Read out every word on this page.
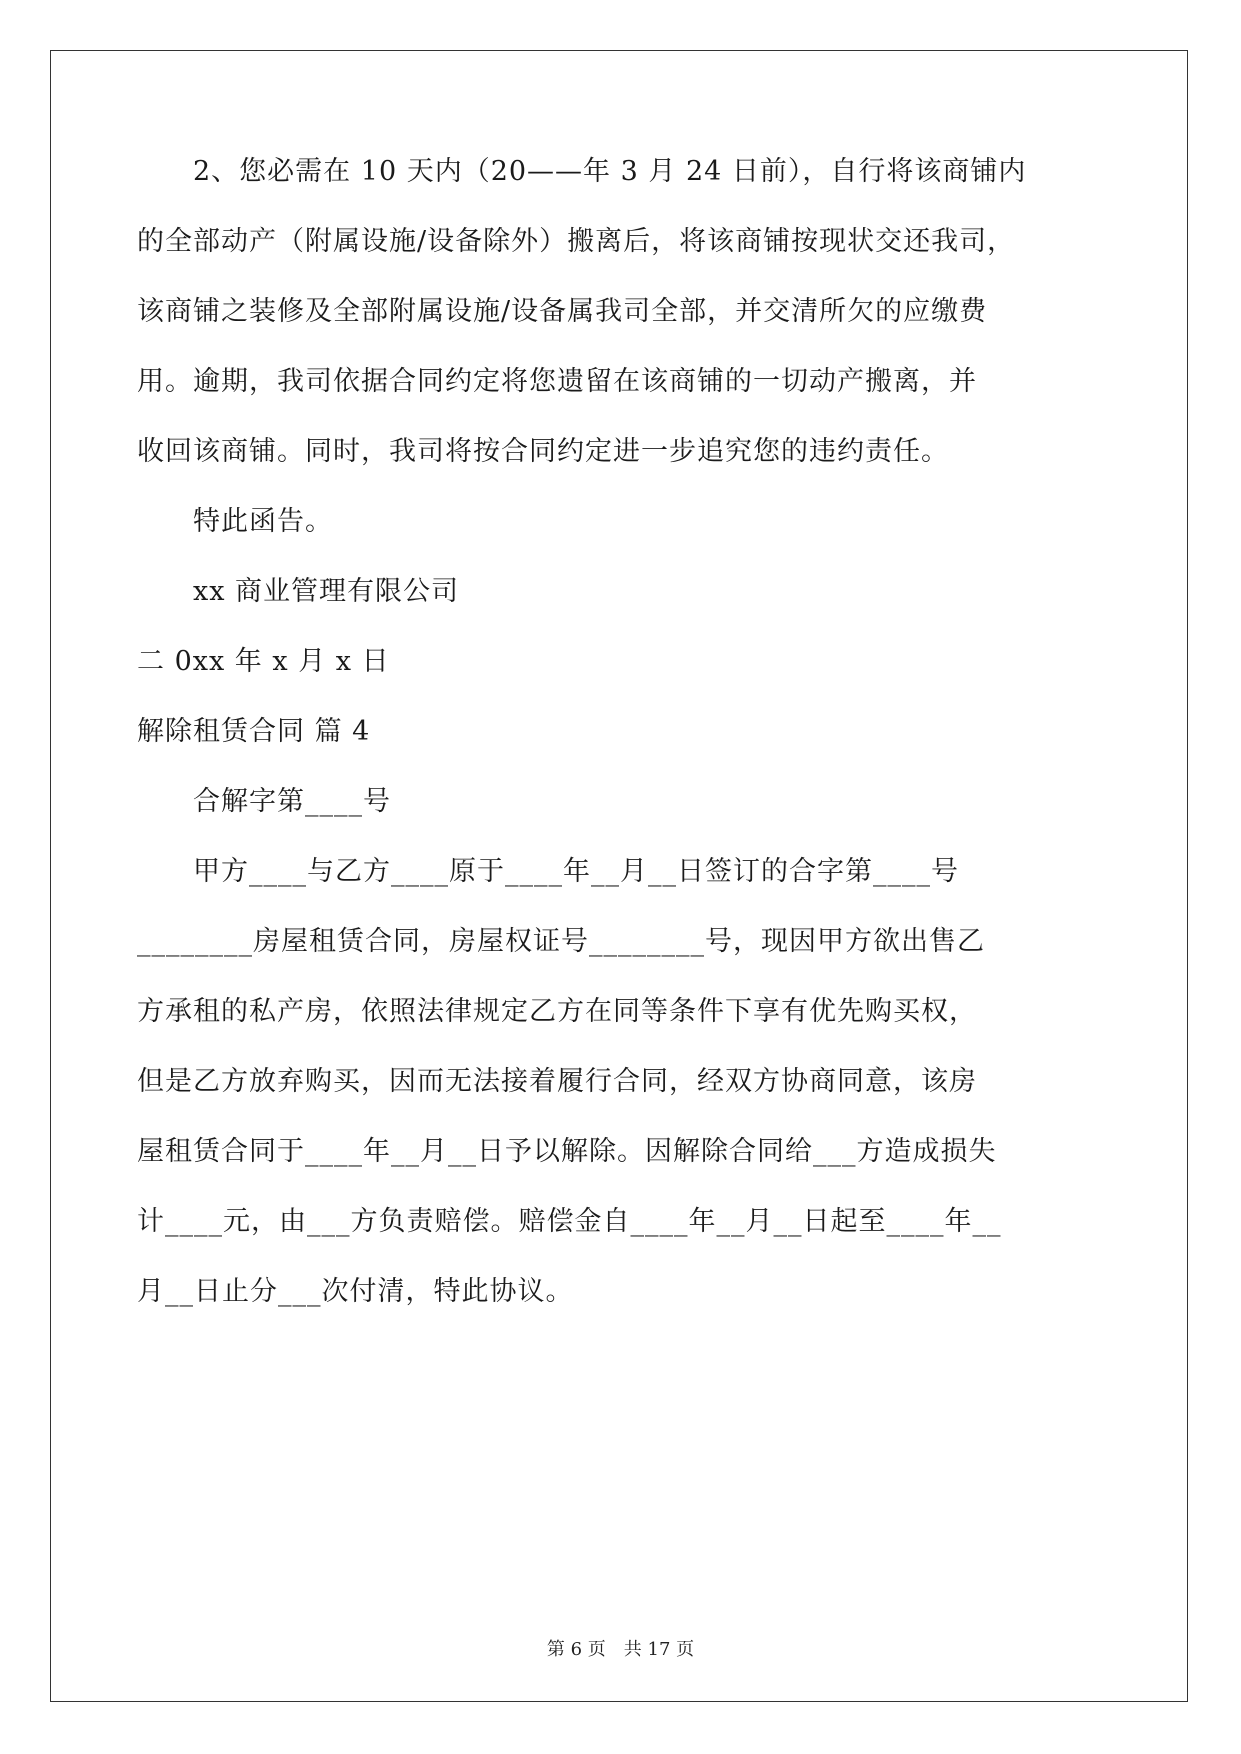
2、您必需在 10 天内（20——年 3 月 24 日前），自行将该商铺内
的全部动产（附属设施/设备除外）搬离后，将该商铺按现状交还我司，
该商铺之装修及全部附属设施/设备属我司全部，并交清所欠的应缴费
用。逾期，我司依据合同约定将您遗留在该商铺的一切动产搬离，并
收回该商铺。同时，我司将按合同约定进一步追究您的违约责任。
特此函告。
xx 商业管理有限公司
二 0xx 年 x 月 x 日
解除租赁合同 篇 4
合解字第____号
甲方____与乙方____原于____年__月__日签订的合字第____号
________房屋租赁合同，房屋权证号________号，现因甲方欲出售乙
方承租的私产房，依照法律规定乙方在同等条件下享有优先购买权，
但是乙方放弃购买，因而无法接着履行合同，经双方协商同意，该房
屋租赁合同于____年__月__日予以解除。因解除合同给___方造成损失
计____元，由___方负责赔偿。赔偿金自____年__月__日起至____年__
月__日止分___次付清，特此协议。
第 6 页 共 17 页
